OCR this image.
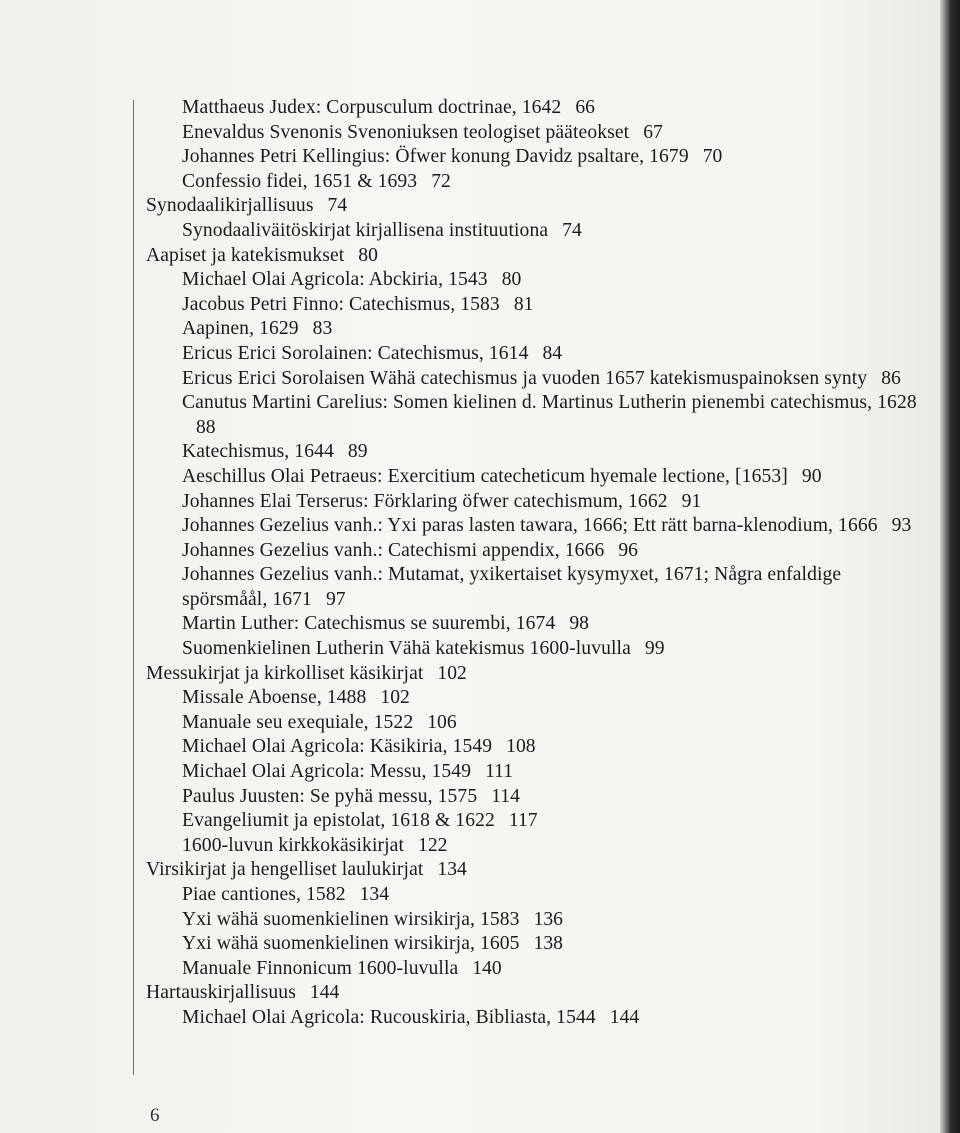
Matthaeus Judex: Corpusculum doctrinae, 1642 66
Enevaldus Svenonis Svenoniuksen teologiset pääteokset 67
Johannes Petri Kellingius: Öfwer konung Davidz psaltare, 1679 70
Confessio fidei, 1651 & 1693 72
Synodaalikirjallisuus 74
Synodaaliväitöskirjat kirjallisena instituutiona 74
Aapiset ja katekismukset 80
Michael Olai Agricola: Abckiria, 1543 80
Jacobus Petri Finno: Catechismus, 1583 81
Aapinen, 1629 83
Ericus Erici Sorolainen: Catechismus, 1614 84
Ericus Erici Sorolaisen Wähä catechismus ja vuoden 1657 katekismuspainoksen synty 86
Canutus Martini Carelius: Somen kielinen d. Martinus Lutherin pienembi catechismus, 162888
Katechismus, 1644 89
Aeschillus Olai Petraeus: Exercitium catecheticum hyemale lectione, [1653] 90
Johannes Elai Terserus: Förklaring öfwer catechismum, 1662 91
Johannes Gezelius vanh.: Yxi paras lasten tawara, 1666; Ett rätt barna-klenodium, 1666 93
Johannes Gezelius vanh.: Catechismi appendix, 1666 96
Johannes Gezelius vanh.: Mutamat, yxikertaiset kysymyxet, 1671; Några enfaldige spörsmåål, 1671 97
Martin Luther: Catechismus se suurembi, 1674 98
Suomenkielinen Lutherin Vähä katekismus 1600-luvulla 99
Messukirjat ja kirkolliset käsikirjat 102
Missale Aboense, 1488 102
Manuale seu exequiale, 1522 106
Michael Olai Agricola: Käsikiria, 1549 108
Michael Olai Agricola: Messu, 1549 111
Paulus Juusten: Se pyhä messu, 1575 114
Evangeliumit ja epistolat, 1618 & 1622 117
1600-luvun kirkkokäsikirjat 122
Virsikirjat ja hengelliset laulukirjat 134
Piae cantiones, 1582 134
Yxi wähä suomenkielinen wirsikirja, 1583 136
Yxi wähä suomenkielinen wirsikirja, 1605 138
Manuale Finnonicum 1600-luvulla 140
Hartauskirjallisuus 144
Michael Olai Agricola: Rucouskiria, Bibliasta, 1544 144
6
